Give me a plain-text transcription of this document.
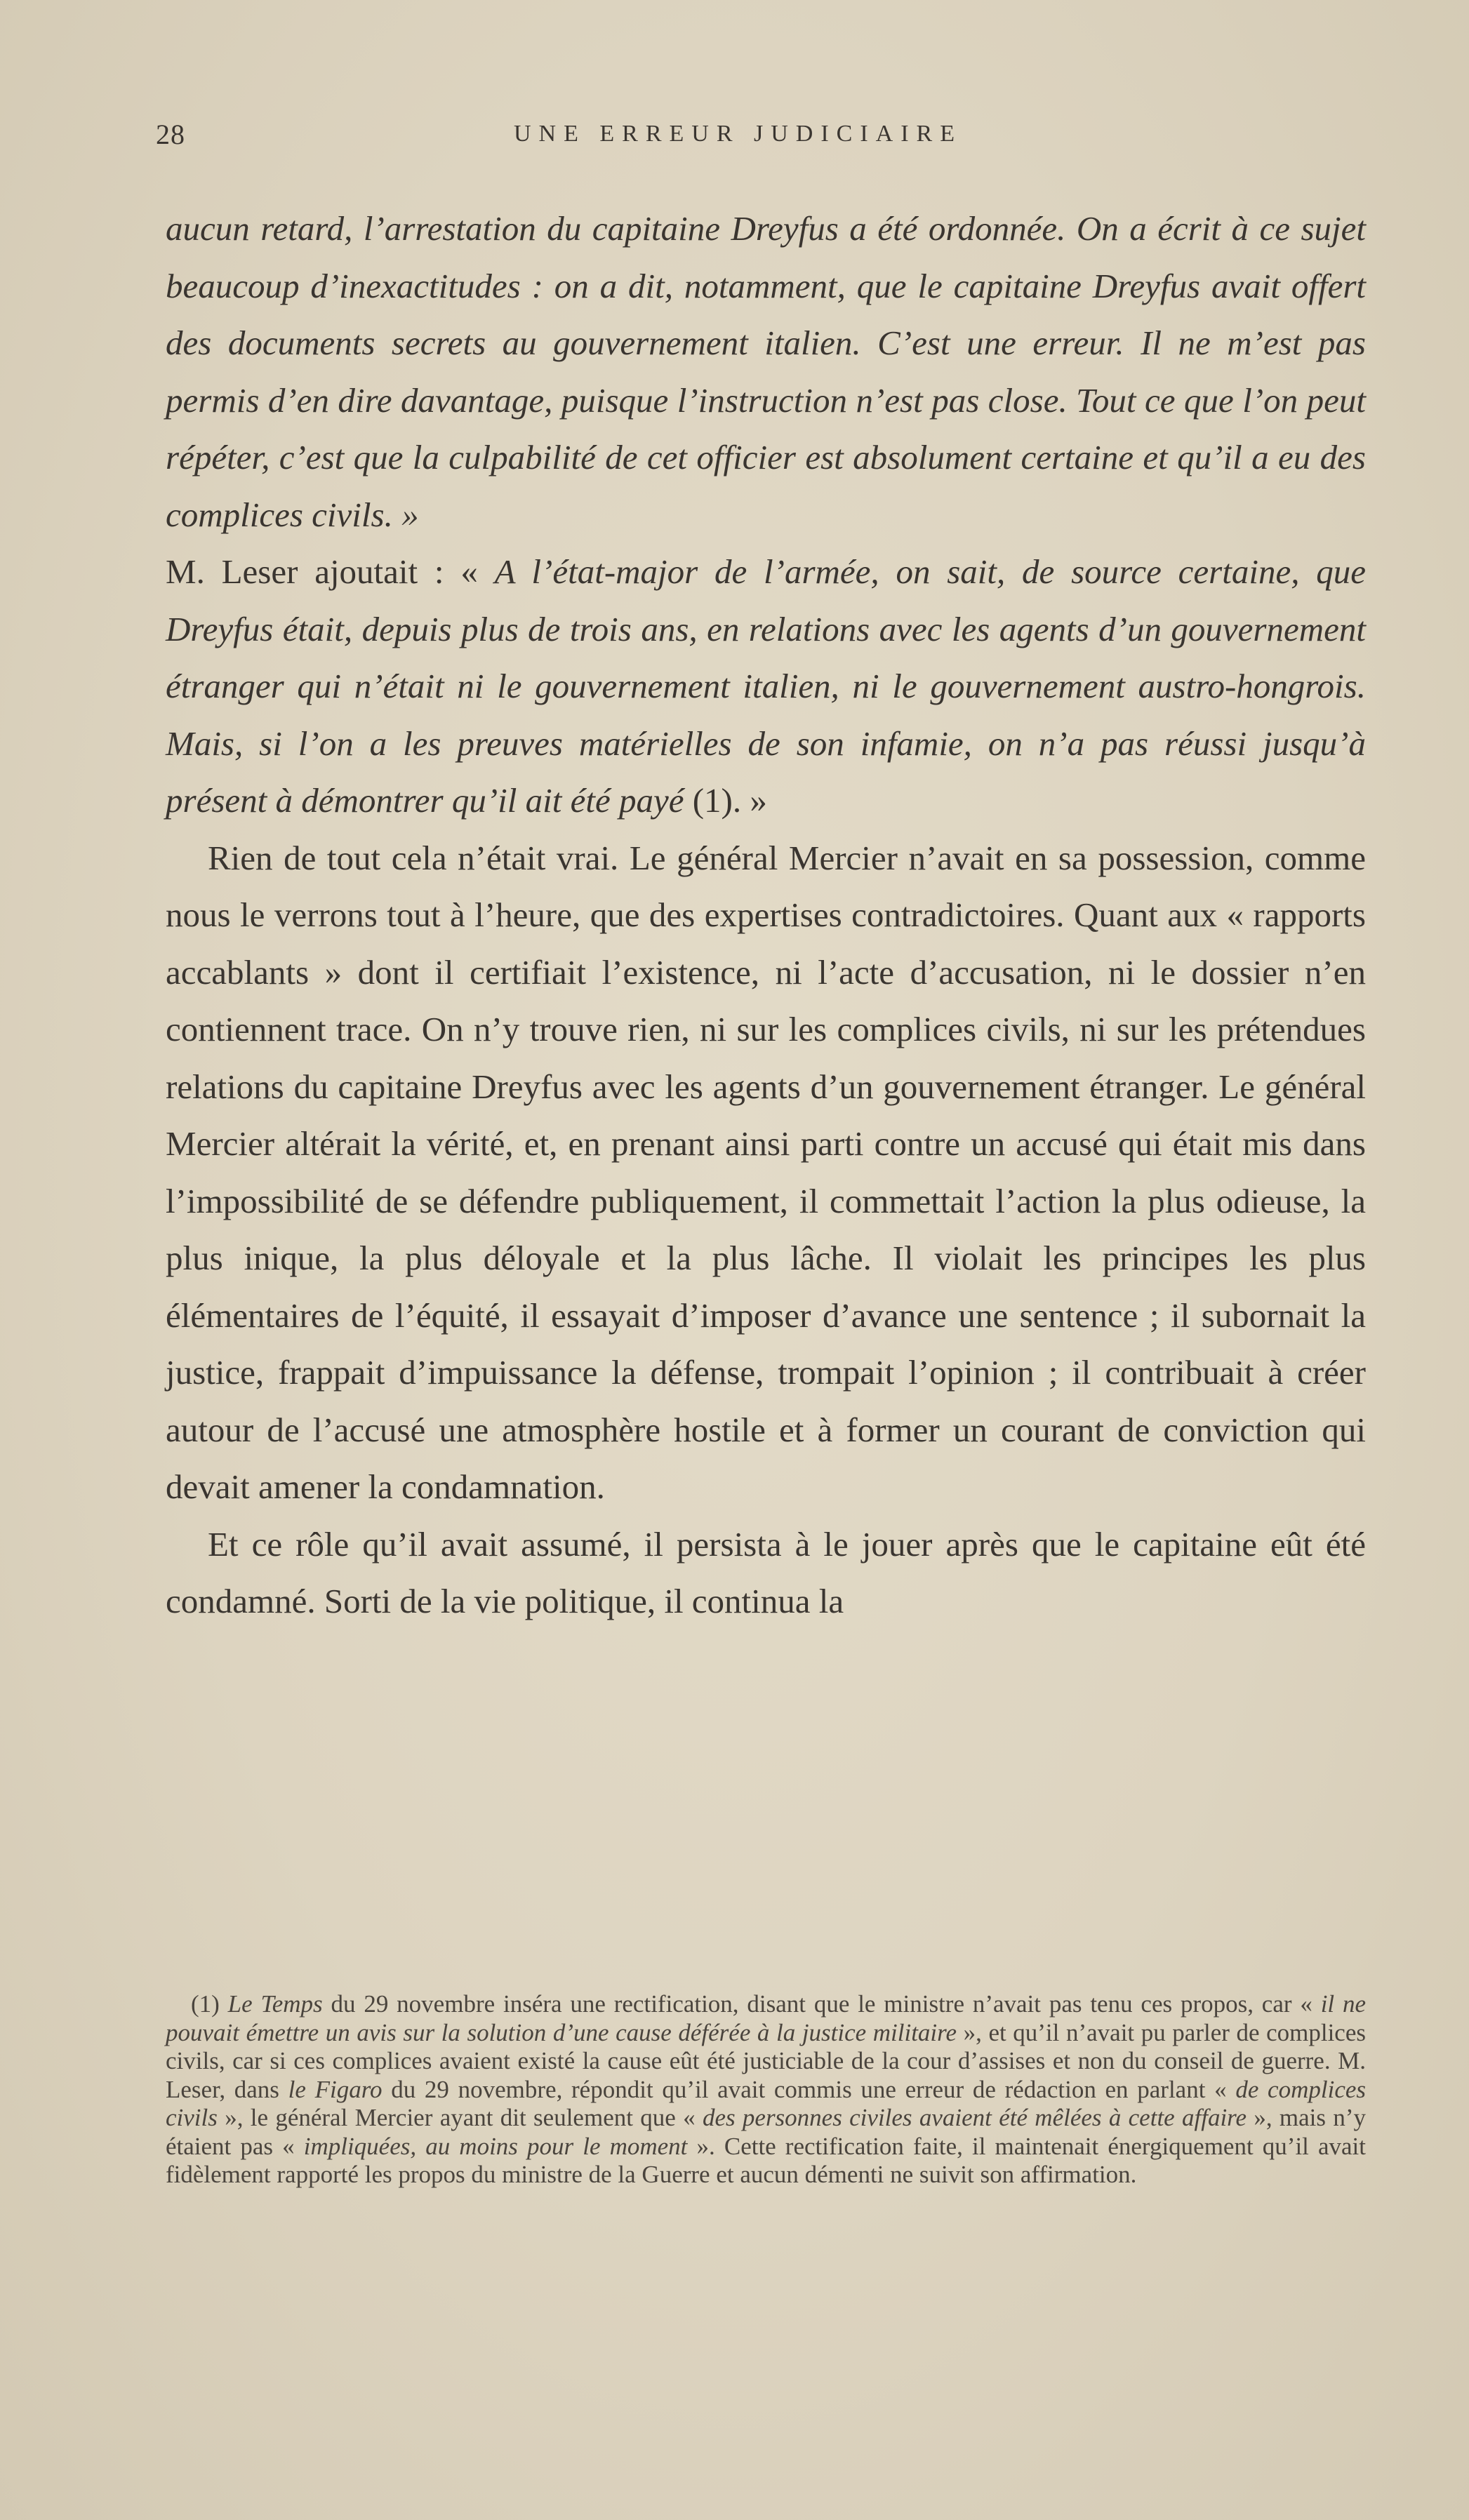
28	UNE ERREUR JUDICIAIRE

aucun retard, l’arrestation du capitaine Dreyfus a été ordonnée. On a écrit à ce sujet beaucoup d’inexactitudes : on a dit, notamment, que le capitaine Dreyfus avait offert des documents secrets au gouvernement italien. C’est une erreur. Il ne m’est pas permis d’en dire davantage, puisque l’instruction n’est pas close. Tout ce que l’on peut répéter, c’est que la culpabilité de cet officier est absolument certaine et qu’il a eu des complices civils. »

M. Leser ajoutait : « A l’état-major de l’armée, on sait, de source certaine, que Dreyfus était, depuis plus de trois ans, en relations avec les agents d’un gouvernement étranger qui n’était ni le gouvernement italien, ni le gouvernement austro-hongrois. Mais, si l’on a les preuves matérielles de son infamie, on n’a pas réussi jusqu’à présent à démontrer qu’il ait été payé (1). »

Rien de tout cela n’était vrai. Le général Mercier n’avait en sa possession, comme nous le verrons tout à l’heure, que des expertises contradictoires. Quant aux « rapports accablants » dont il certifiait l’existence, ni l’acte d’accusation, ni le dossier n’en contiennent trace. On n’y trouve rien, ni sur les complices civils, ni sur les prétendues relations du capitaine Dreyfus avec les agents d’un gouvernement étranger. Le général Mercier altérait la vérité, et, en prenant ainsi parti contre un accusé qui était mis dans l’impossibilité de se défendre publiquement, il commettait l’action la plus odieuse, la plus inique, la plus déloyale et la plus lâche. Il violait les principes les plus élémentaires de l’équité, il essayait d’imposer d’avance une sentence ; il subornait la justice, frappait d’impuissance la défense, trompait l’opinion ; il contribuait à créer autour de l’accusé une atmosphère hostile et à former un courant de conviction qui devait amener la condamnation.

Et ce rôle qu’il avait assumé, il persista à le jouer après que le capitaine eût été condamné. Sorti de la vie politique, il continua la

(1) Le Temps du 29 novembre inséra une rectification, disant que le ministre n’avait pas tenu ces propos, car « il ne pouvait émettre un avis sur la solution d’une cause déférée à la justice militaire », et qu’il n’avait pu parler de complices civils, car si ces complices avaient existé la cause eût été justiciable de la cour d’assises et non du conseil de guerre. M. Leser, dans le Figaro du 29 novembre, répondit qu’il avait commis une erreur de rédaction en parlant « de complices civils », le général Mercier ayant dit seulement que « des personnes civiles avaient été mêlées à cette affaire », mais n’y étaient pas « impliquées, au moins pour le moment ». Cette rectification faite, il maintenait énergiquement qu’il avait fidèlement rapporté les propos du ministre de la Guerre et aucun démenti ne suivit son affirmation.
